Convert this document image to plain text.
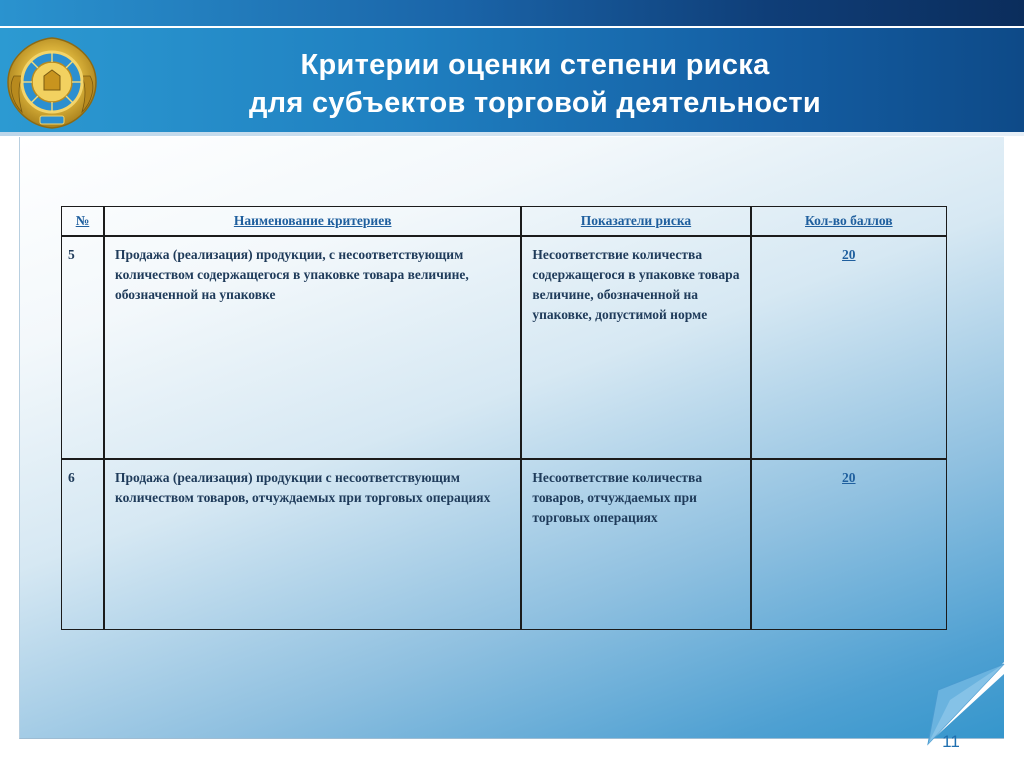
Критерии оценки степени риска
для субъектов торговой деятельности
11
№	Наименование критериев	Показатели риска	Кол-во баллов
5	Продажа (реализация) продукции, с несоответствующим количеством содержащегося в упаковке товара величине, обозначенной на упаковке	Несоответствие количества содержащегося в упаковке товара величине, обозначенной на упаковке, допустимой норме	20
6	Продажа (реализация) продукции с несоответствующим количеством товаров, отчуждаемых при торговых операциях	Несоответствие количества товаров, отчуждаемых при торговых операциях	20
